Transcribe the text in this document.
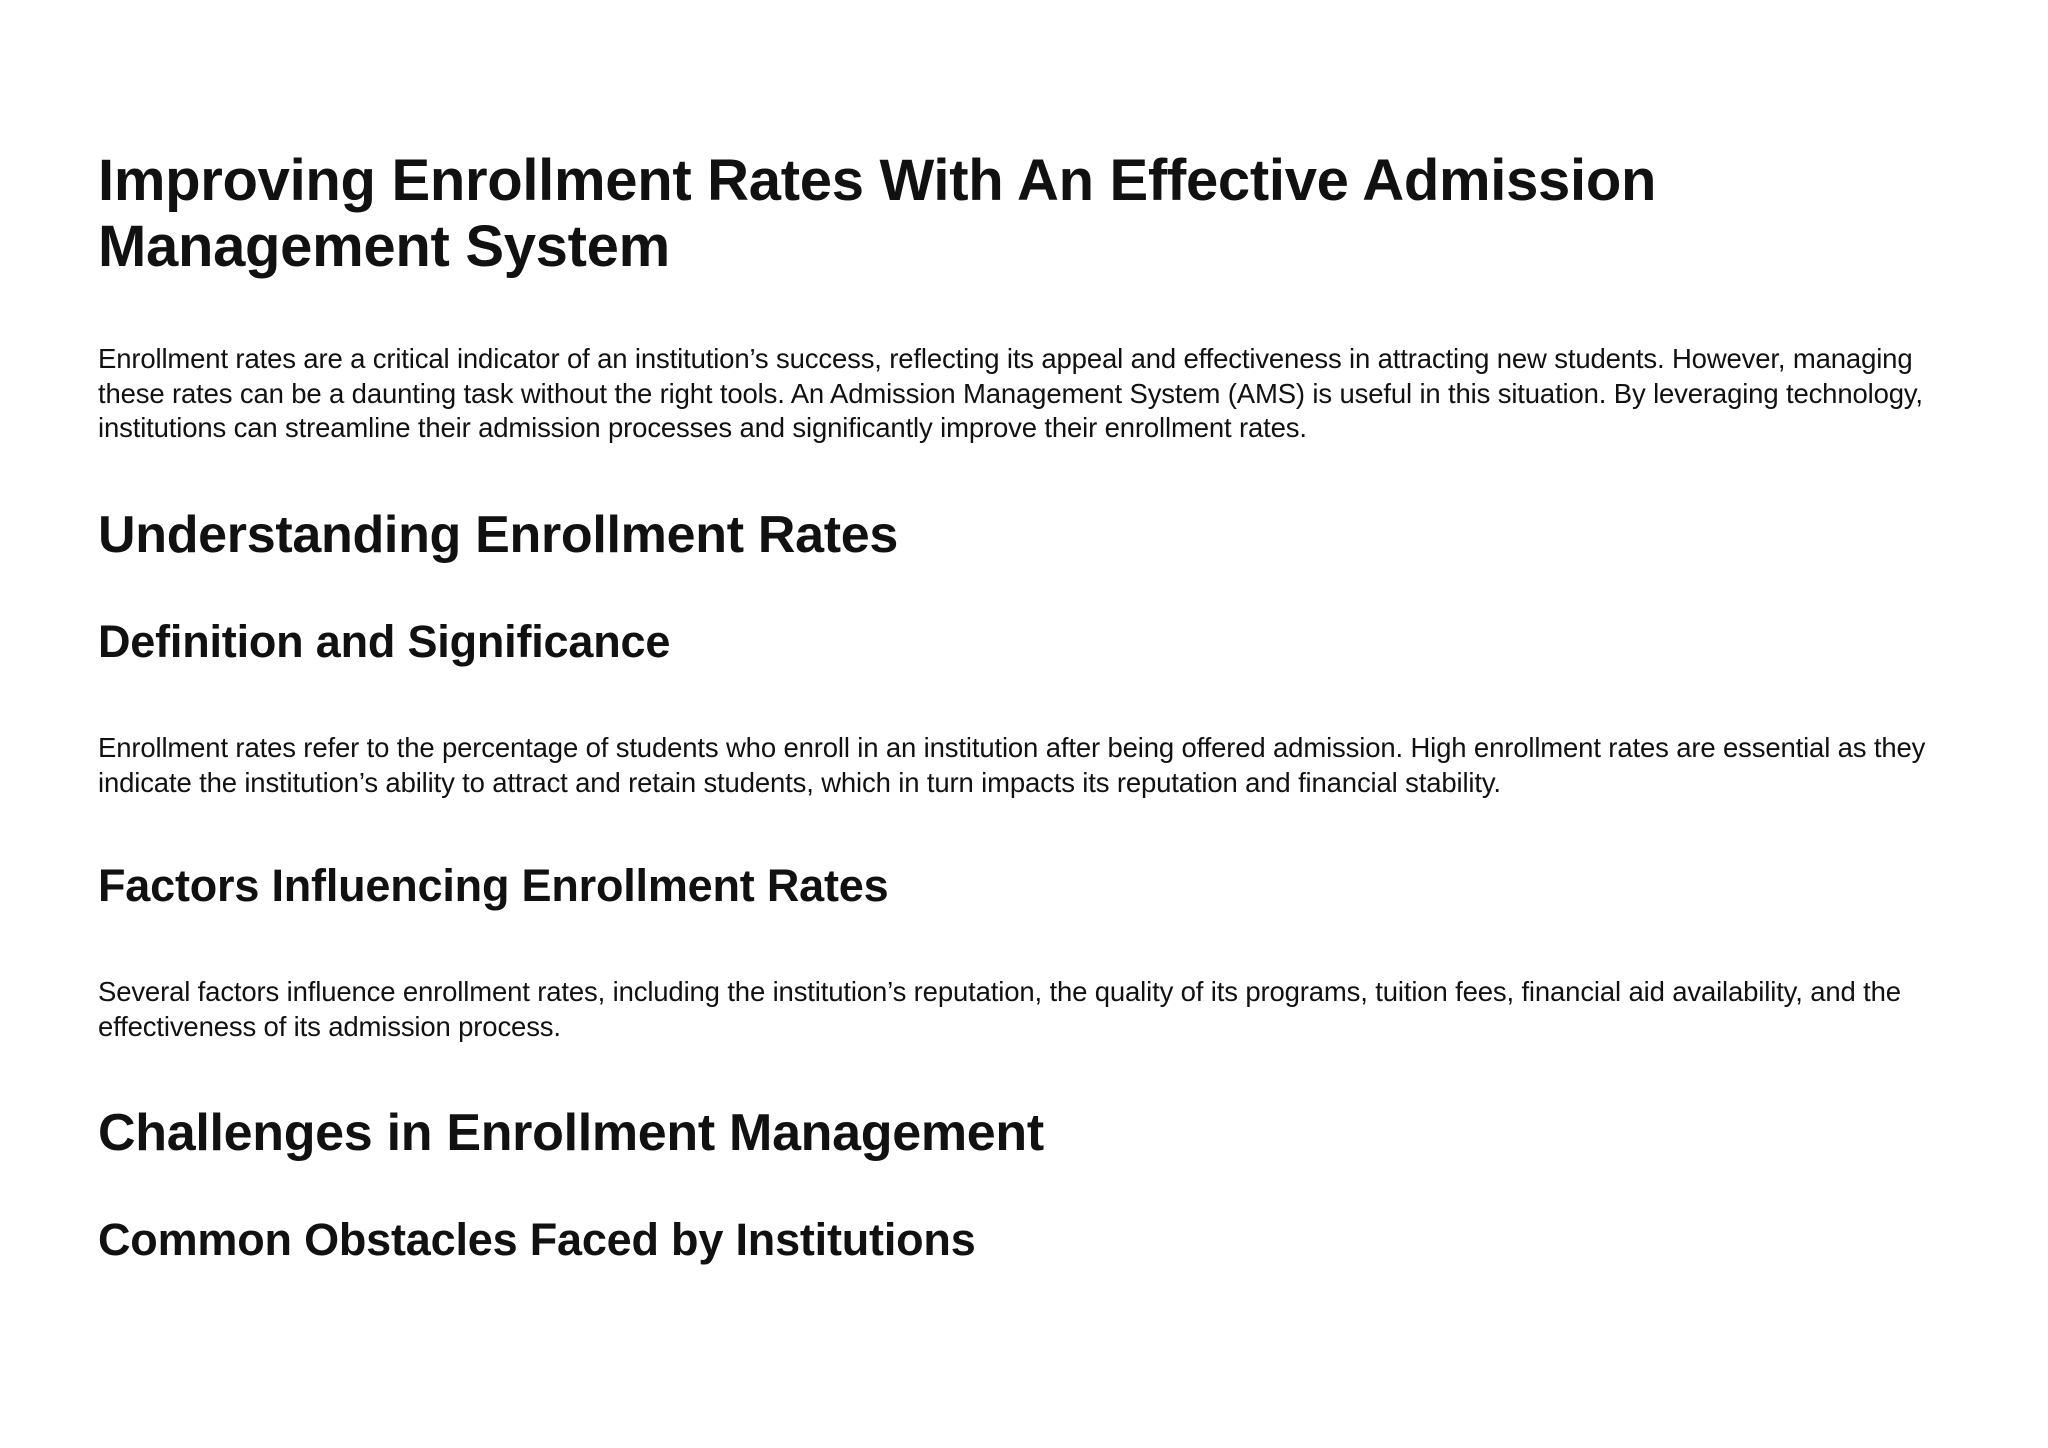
Improving Enrollment Rates With An Effective Admission Management System

Enrollment rates are a critical indicator of an institution’s success, reflecting its appeal and effectiveness in attracting new students. However, managing these rates can be a daunting task without the right tools. An Admission Management System (AMS) is useful in this situation. By leveraging technology, institutions can streamline their admission processes and significantly improve their enrollment rates.

Understanding Enrollment Rates
Definition and Significance

Enrollment rates refer to the percentage of students who enroll in an institution after being offered admission. High enrollment rates are essential as they indicate the institution’s ability to attract and retain students, which in turn impacts its reputation and financial stability.

Factors Influencing Enrollment Rates

Several factors influence enrollment rates, including the institution’s reputation, the quality of its programs, tuition fees, financial aid availability, and the effectiveness of its admission process.

Challenges in Enrollment Management
Common Obstacles Faced by Institutions
